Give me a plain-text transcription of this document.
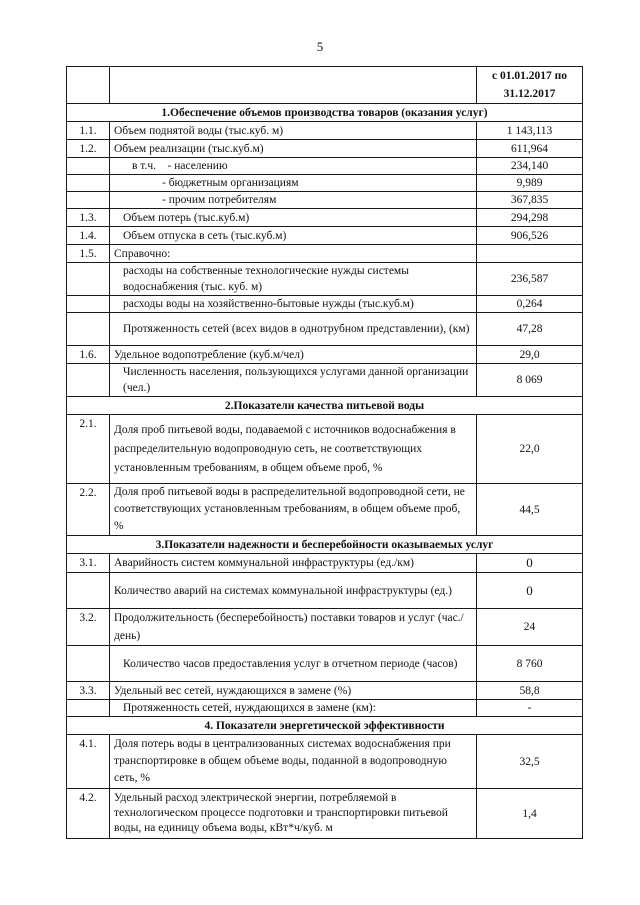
5
		с 01.01.2017 по 31.12.2017
1.Обеспечение объемов производства товаров (оказания услуг)		
1.1.	Объем поднятой воды (тыс.куб. м)	1 143,113
1.2.	Объем реализации (тыс.куб.м)	611,964
	в т.ч.    - населению	234,140
	- бюджетным организациям	9,989
	- прочим потребителям	367,835
1.3.	Объем потерь (тыс.куб.м)	294,298
1.4.	Объем отпуска в сеть (тыс.куб.м)	906,526
1.5.	Справочно:	
	расходы на собственные технологические нужды системы водоснабжения (тыс. куб. м)	236,587
	расходы воды на хозяйственно-бытовые нужды (тыс.куб.м)	0,264
	Протяженность сетей (всех видов в однотрубном представлении), (км)	47,28
1.6.	Удельное водопотребление (куб.м/чел)	29,0
	Численность населения, пользующихся услугами данной организации (чел.)	8 069
2.Показатели качества питьевой воды		
2.1.	Доля проб питьевой воды, подаваемой с источников водоснабжения в распределительную водопроводную сеть, не соответствующих установленным требованиям, в общем объеме проб, %	22,0
2.2.	Доля проб питьевой воды в распределительной водопроводной сети, не соответствующих установленным требованиям, в общем объеме проб, %	44,5
3.Показатели надежности и бесперебойности оказываемых услуг		
3.1.	Аварийность систем коммунальной инфраструктуры (ед./км)	0
	Количество аварий на системах коммунальной инфраструктуры (ед.)	0
3.2.	Продолжительность (бесперебойность) поставки товаров и услуг (час./день)	24
	Количество часов предоставления услуг в отчетном периоде (часов)	8 760
3.3.	Удельный вес сетей, нуждающихся в замене (%)	58,8
	Протяженность сетей, нуждающихся в замене (км):	-
4. Показатели энергетической эффективности		
4.1.	Доля потерь воды в централизованных системах водоснабжения при транспортировке в общем объеме воды, поданной в водопроводную сеть, %	32,5
4.2.	Удельный расход электрической энергии, потребляемой в технологическом процессе подготовки и транспортировки питьевой воды, на единицу объема воды, кВт*ч/куб. м	1,4
